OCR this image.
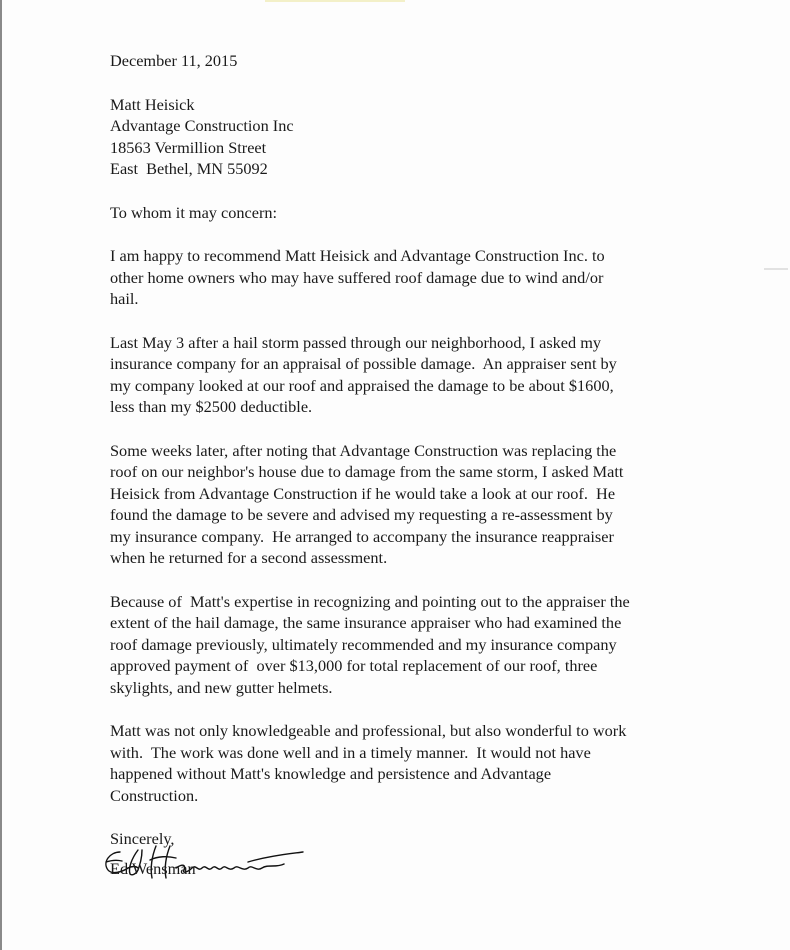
December 11, 2015
Matt Heisick
Advantage Construction Inc
18563 Vermillion Street
East  Bethel, MN 55092
To whom it may concern:
I am happy to recommend Matt Heisick and Advantage Construction Inc. to
other home owners who may have suffered roof damage due to wind and/or
hail.
Last May 3 after a hail storm passed through our neighborhood, I asked my
insurance company for an appraisal of possible damage.  An appraiser sent by
my company looked at our roof and appraised the damage to be about $1600,
less than my $2500 deductible.
Some weeks later, after noting that Advantage Construction was replacing the
roof on our neighbor's house due to damage from the same storm, I asked Matt
Heisick from Advantage Construction if he would take a look at our roof.  He
found the damage to be severe and advised my requesting a re-assessment by
my insurance company.  He arranged to accompany the insurance reappraiser
when he returned for a second assessment.
Because of  Matt's expertise in recognizing and pointing out to the appraiser the
extent of the hail damage, the same insurance appraiser who had examined the
roof damage previously, ultimately recommended and my insurance company
approved payment of  over $13,000 for total replacement of our roof, three
skylights, and new gutter helmets.
Matt was not only knowledgeable and professional, but also wonderful to work
with.  The work was done well and in a timely manner.  It would not have
happened without Matt's knowledge and persistence and Advantage
Construction.
Sincerely,
Ed Wensman
